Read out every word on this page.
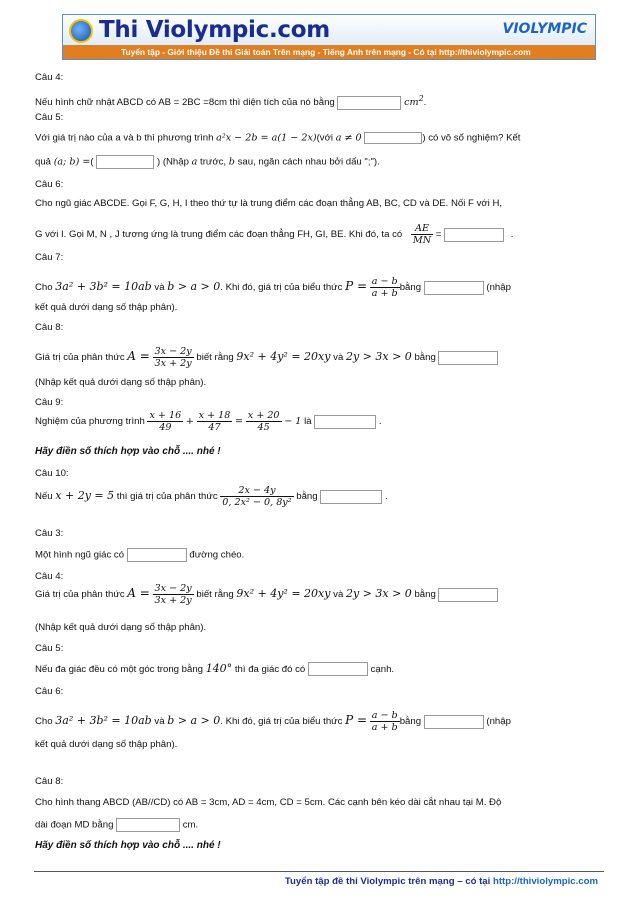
Thi Violympic.com	VIOLYMPIC
Tuyển tập - Giới thiệu Đề thi Giải toán Trên mạng - Tiếng Anh trên mạng - Có tại http://thiviolympic.com
Câu 4:
Nếu hình chữ nhật ABCD có AB = 2BC =8cm thì diện tích của nó bằng	$cm^2$.
Câu 5:
Với giá trị nào của a và b thì phương trình a²x − 2b = a(1 − 2x)(với a ≠ 0	) có vô số nghiệm? Kết
quả (a; b) =(	) (Nhập a trước, b sau, ngăn cách nhau bởi dấu ";").
Câu 6:
Cho ngũ giác ABCDE. Gọi F, G, H, I theo thứ tự là trung điểm các đoạn thẳng AB, BC, CD và DE. Nối F với H,
G với I. Gọi M, N , J tương ứng là trung điểm các đoạn thẳng FH, GI, BE. Khi đó, ta có $\frac{AE}{MN}$ =	.
Câu 7:
Cho 3a² + 3b² = 10ab và b > a > 0. Khi đó, giá trị của biểu thức $P = \frac{a - b}{a + b}$ bằng	(nhập
kết quả dưới dạng số thập phân).
Câu 8:
Giá trị của phân thức $A = \frac{3x - 2y}{3x + 2y}$ biết rằng 9x² + 4y² = 20xy và 2y > 3x > 0 bằng
(Nhập kết quả dưới dạng số thập phân).
Câu 9:
Nghiệm của phương trình $\frac{x + 16}{49} + \frac{x + 18}{47} = \frac{x + 20}{45} - 1$ là	.
Hãy điền số thích hợp vào chỗ .... nhé !
Câu 10:
Nếu x + 2y = 5 thì giá trị của phân thức $\frac{2x - 4y}{\text{0, 2x² − 0, 8y²}}$ bằng	.
Câu 3:
Một hình ngũ giác có	đường chéo.
Câu 4:
Giá trị của phân thức $A = \frac{3x - 2y}{3x + 2y}$ biết rằng 9x² + 4y² = 20xy và 2y > 3x > 0 bằng
(Nhập kết quả dưới dạng số thập phân).
Câu 5:
Nếu đa giác đều có một góc trong bằng 140° thì đa giác đó có	cạnh.
Câu 6:
Cho 3a² + 3b² = 10ab và b > a > 0. Khi đó, giá trị của biểu thức $P = \frac{a - b}{a + b}$ bằng	(nhập
kết quả dưới dạng số thập phân).
Câu 8:
Cho hình thang ABCD (AB//CD) có AB = 3cm, AD = 4cm, CD = 5cm. Các cạnh bên kéo dài cắt nhau tại M. Độ
dài đoạn MD bằng	cm.
Hãy điền số thích hợp vào chỗ .... nhé !
Tuyển tập đề thi Violympic trên mạng – có tại http://thiviolympic.com
